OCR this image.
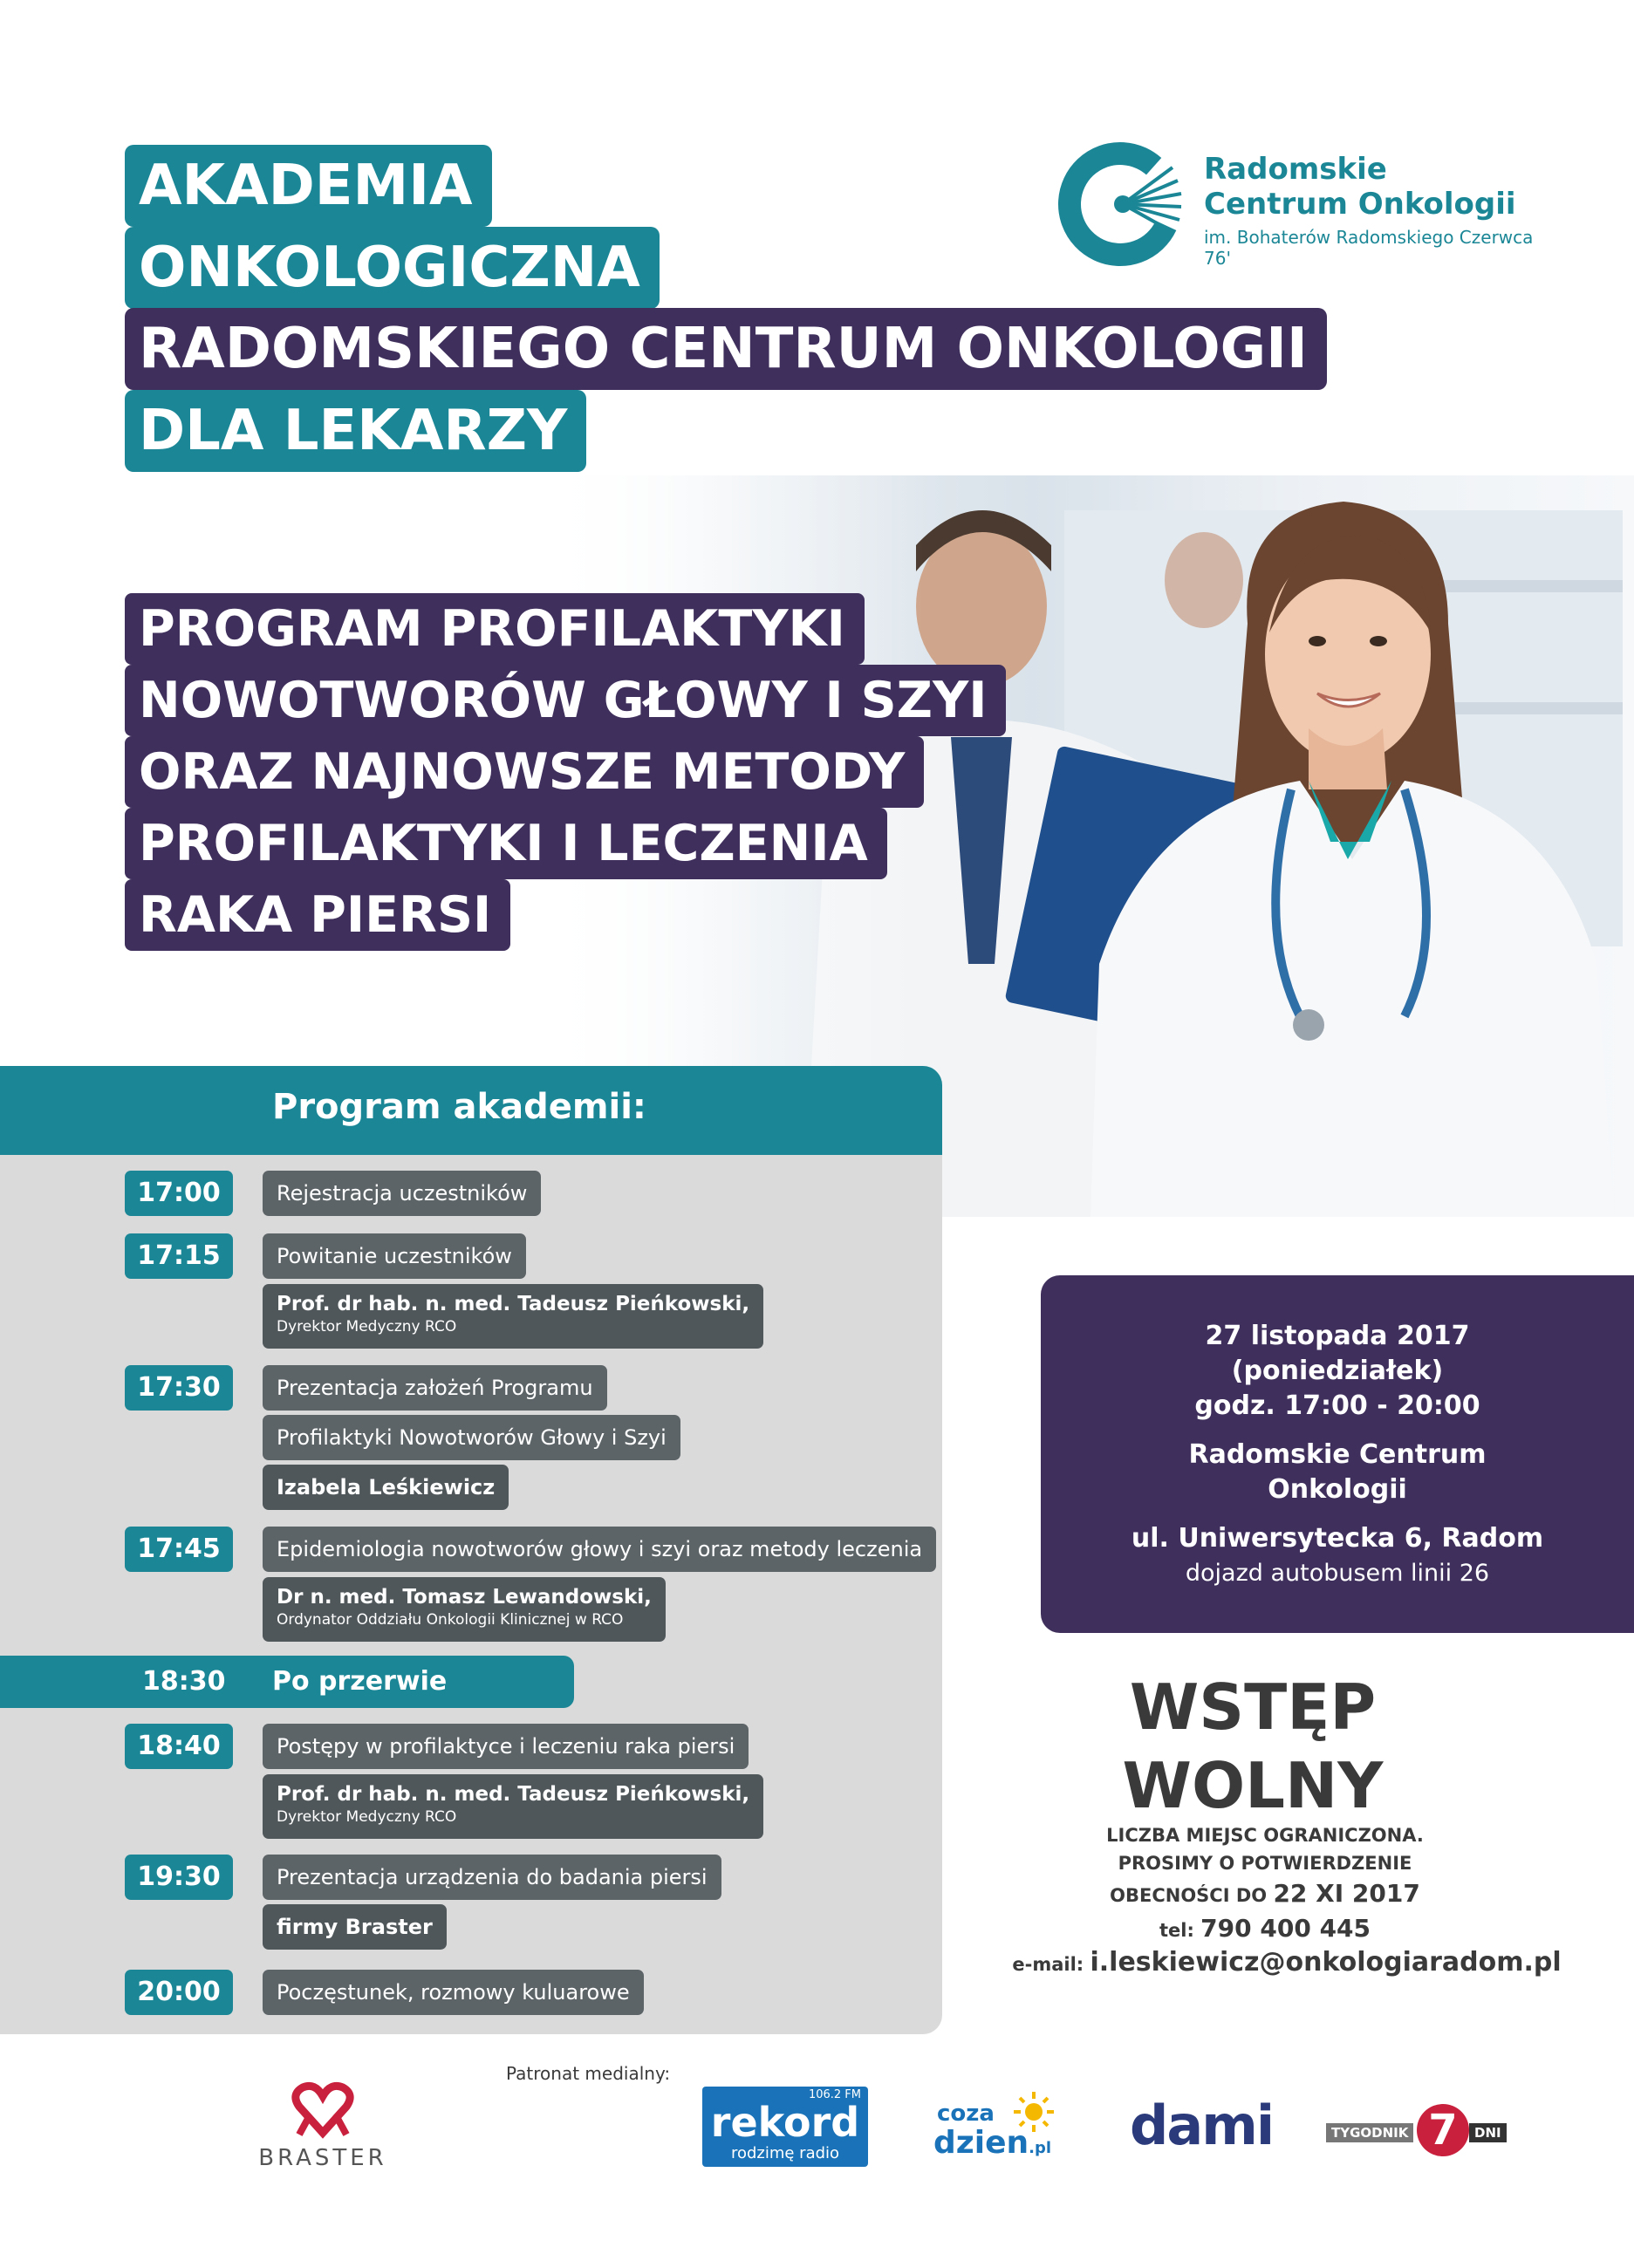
AKADEMIA
ONKOLOGICZNA
RADOMSKIEGO CENTRUM ONKOLOGII
DLA LEKARZY
Radomskie
Centrum Onkologii
im. Bohaterów Radomskiego Czerwca 76'
PROGRAM PROFILAKTYKI
NOWOTWORÓW GŁOWY I SZYI
ORAZ NAJNOWSZE METODY
PROFILAKTYKI I LECZENIA
RAKA PIERSI
Program akademii:
17:00	Rejestracja uczestników
17:15	Powitanie uczestników
Prof. dr hab. n. med. Tadeusz Pieńkowski,
Dyrektor Medyczny RCO
17:30	Prezentacja założeń Programu
Profilaktyki Nowotworów Głowy i Szyi
Izabela Leśkiewicz
17:45	Epidemiologia nowotworów głowy i szyi oraz metody leczenia
Dr n. med. Tomasz Lewandowski,
Ordynator Oddziału Onkologii Klinicznej w RCO
18:30 Po przerwie
18:40	Postępy w profilaktyce i leczeniu raka piersi
Prof. dr hab. n. med. Tadeusz Pieńkowski,
Dyrektor Medyczny RCO
19:30	Prezentacja urządzenia do badania piersi
firmy Braster
20:00	Poczęstunek, rozmowy kuluarowe
27 listopada 2017
(poniedziałek)
godz. 17:00 - 20:00
Radomskie Centrum
Onkologii
ul. Uniwersytecka 6, Radom
dojazd autobusem linii 26
WSTĘP
WOLNY
LICZBA MIEJSC OGRANICZONA.
PROSIMY O POTWIERDZENIE
OBECNOŚCI DO 22 XI 2017
tel: 790 400 445
e-mail: i.leskiewicz@onkologiaradom.pl
Patronat medialny:
BRASTER
106.2 FM
rekord
rodzimę radio
coza
dzien.pl dami	TYGODNIK 7	DNI
